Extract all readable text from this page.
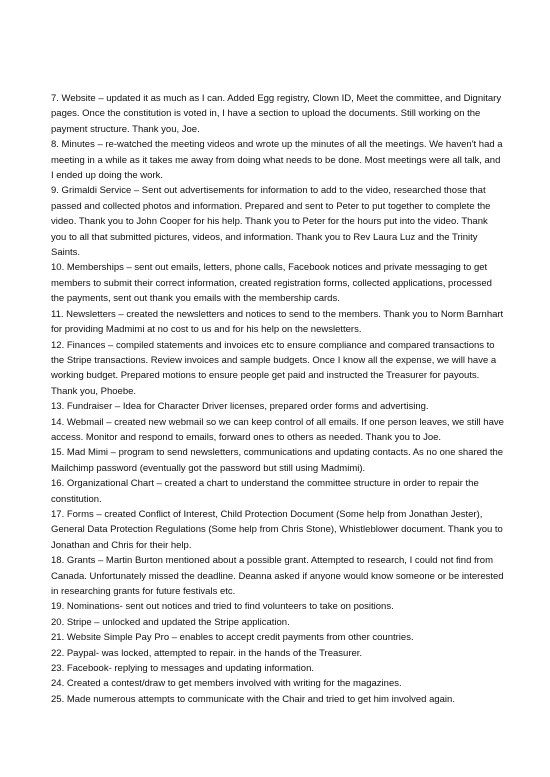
7. Website – updated it as much as I can. Added Egg registry, Clown ID, Meet the committee, and Dignitary pages. Once the constitution is voted in, I have a section to upload the documents. Still working on the payment structure. Thank you, Joe.

8. Minutes – re-watched the meeting videos and wrote up the minutes of all the meetings. We haven't had a meeting in a while as it takes me away from doing what needs to be done. Most meetings were all talk, and I ended up doing the work.

9. Grimaldi Service – Sent out advertisements for information to add to the video, researched those that passed and collected photos and information. Prepared and sent to Peter to put together to complete the video. Thank you to John Cooper for his help. Thank you to Peter for the hours put into the video. Thank you to all that submitted pictures, videos, and information. Thank you to Rev Laura Luz and the Trinity Saints.

10. Memberships – sent out emails, letters, phone calls, Facebook notices and private messaging to get members to submit their correct information, created registration forms, collected applications, processed the payments, sent out thank you emails with the membership cards.

11. Newsletters – created the newsletters and notices to send to the members. Thank you to Norm Barnhart for providing Madmimi at no cost to us and for his help on the newsletters.

12. Finances – compiled statements and invoices etc to ensure compliance and compared transactions to the Stripe transactions. Review invoices and sample budgets. Once I know all the expense, we will have a working budget. Prepared motions to ensure people get paid and instructed the Treasurer for payouts. Thank you, Phoebe.

13. Fundraiser – Idea for Character Driver licenses, prepared order forms and advertising.

14. Webmail – created new webmail so we can keep control of all emails. If one person leaves, we still have access. Monitor and respond to emails, forward ones to others as needed. Thank you to Joe.

15. Mad Mimi – program to send newsletters, communications and updating contacts. As no one shared the Mailchimp password (eventually got the password but still using Madmimi).

16. Organizational Chart – created a chart to understand the committee structure in order to repair the constitution.

17. Forms – created Conflict of Interest, Child Protection Document (Some help from Jonathan Jester), General Data Protection Regulations (Some help from Chris Stone), Whistleblower document. Thank you to Jonathan and Chris for their help.

18. Grants – Martin Burton mentioned about a possible grant. Attempted to research, I could not find from Canada. Unfortunately missed the deadline. Deanna asked if anyone would know someone or be interested in researching grants for future festivals etc.

19. Nominations- sent out notices and tried to find volunteers to take on positions.

20. Stripe – unlocked and updated the Stripe application.

21. Website Simple Pay Pro – enables to accept credit payments from other countries.

22. Paypal- was locked, attempted to repair. in the hands of the Treasurer.

23. Facebook- replying to messages and updating information.

24. Created a contest/draw to get members involved with writing for the magazines.

25. Made numerous attempts to communicate with the Chair and tried to get him involved again.
